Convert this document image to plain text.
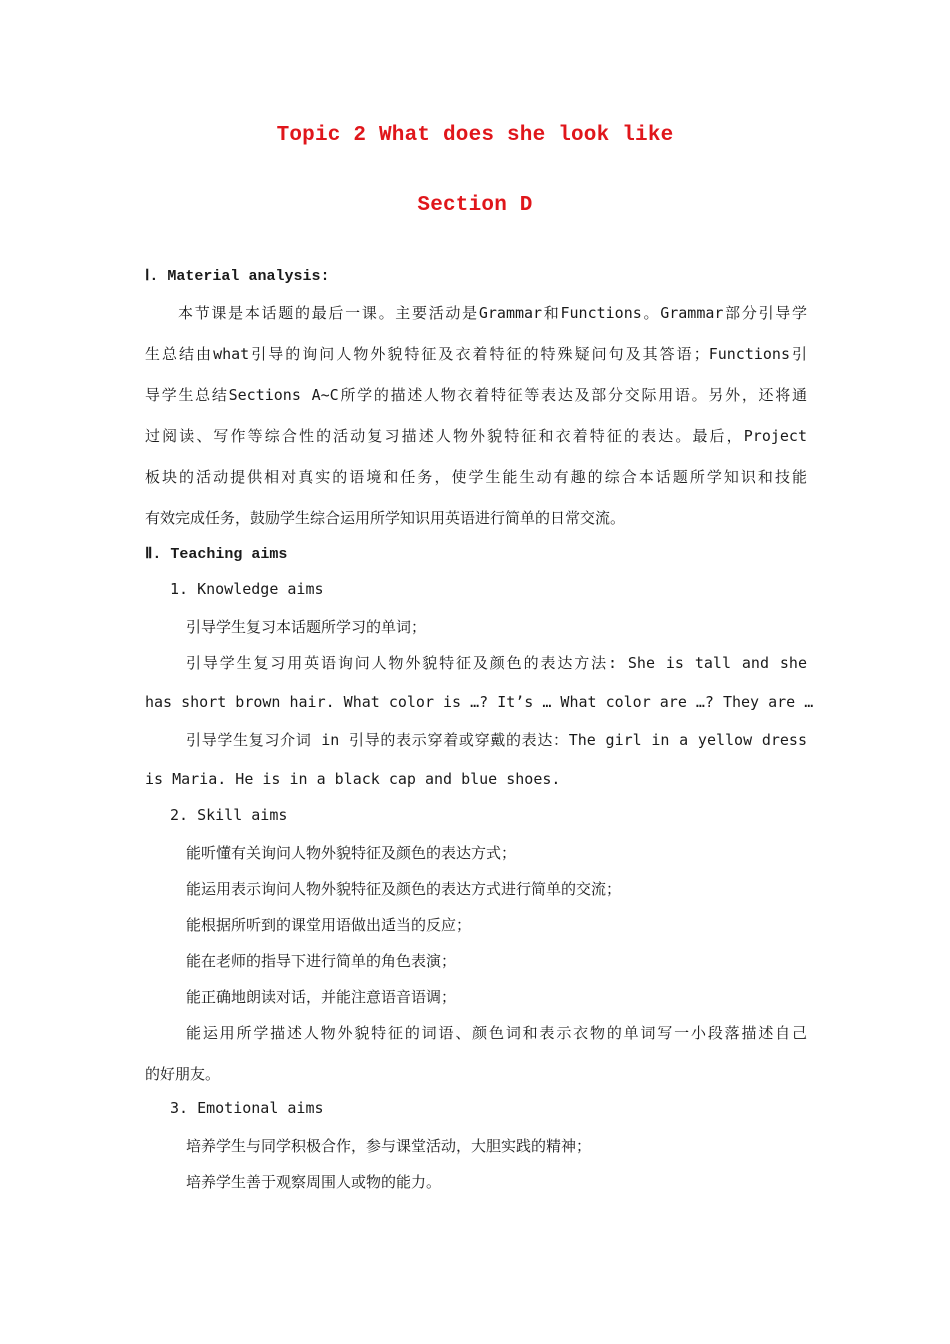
Topic 2 What does she look like
Section D
Ⅰ. Material analysis:
本节课是本话题的最后一课。主要活动是Grammar和Functions。Grammar部分引导学
生总结由what引导的询问人物外貌特征及衣着特征的特殊疑问句及其答语；Functions引
导学生总结Sections A~C所学的描述人物衣着特征等表达及部分交际用语。另外，还将通
过阅读、写作等综合性的活动复习描述人物外貌特征和衣着特征的表达。最后，Project
板块的活动提供相对真实的语境和任务，使学生能生动有趣的综合本话题所学知识和技能
有效完成任务，鼓励学生综合运用所学知识用英语进行简单的日常交流。
Ⅱ. Teaching aims
1. Knowledge aims
引导学生复习本话题所学习的单词；
引导学生复习用英语询问人物外貌特征及颜色的表达方法: She is tall and she
has short brown hair. What color is …? It’s … What color are …? They are …
引导学生复习介词 in 引导的表示穿着或穿戴的表达：The girl in a yellow dress
is Maria. He is in a black cap and blue shoes.
2. Skill aims
能听懂有关询问人物外貌特征及颜色的表达方式；
能运用表示询问人物外貌特征及颜色的表达方式进行简单的交流；
能根据所听到的课堂用语做出适当的反应；
能在老师的指导下进行简单的角色表演；
能正确地朗读对话，并能注意语音语调；
能运用所学描述人物外貌特征的词语、颜色词和表示衣物的单词写一小段落描述自己
的好朋友。
3. Emotional aims
培养学生与同学积极合作，参与课堂活动，大胆实践的精神；
培养学生善于观察周围人或物的能力。
